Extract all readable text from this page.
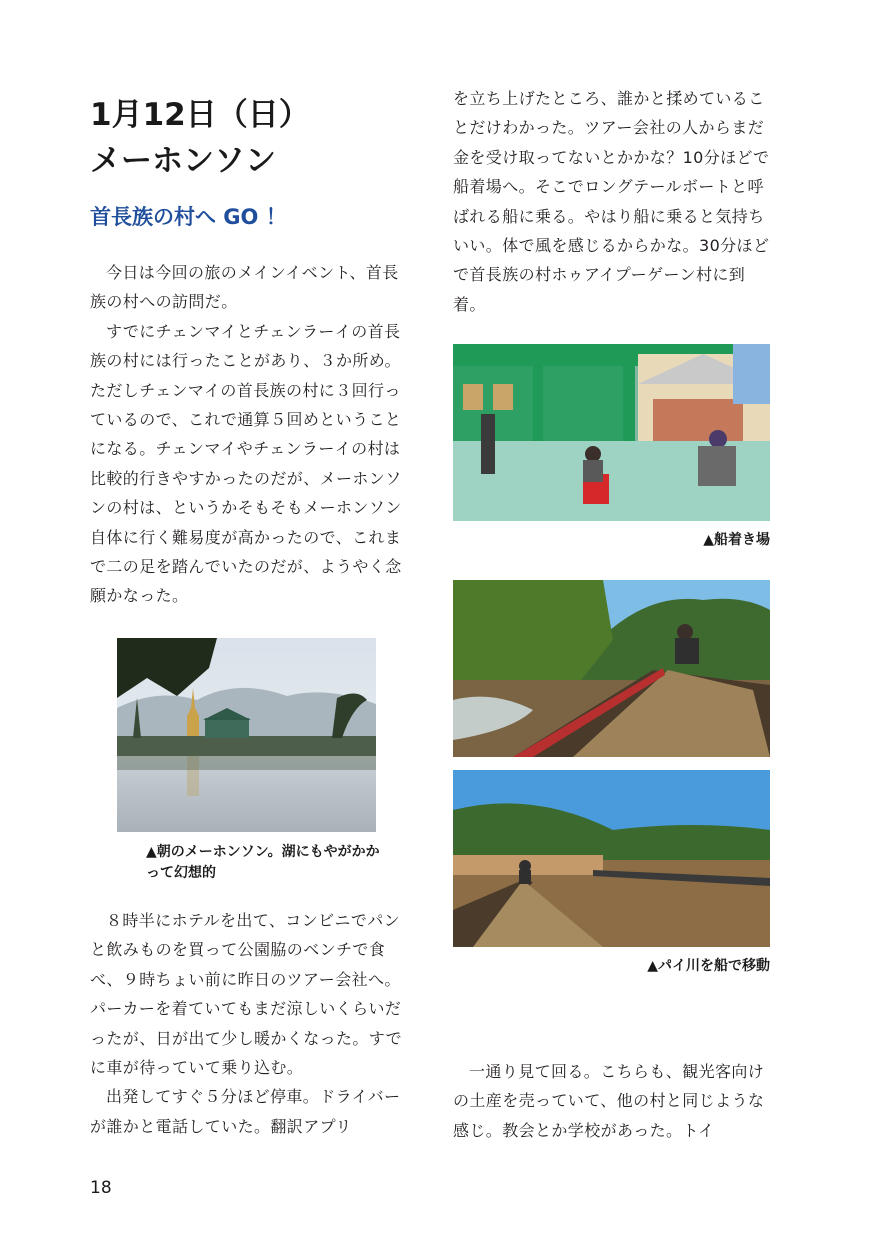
1月12日（日）
メーホンソン
首長族の村へ GO ！

今日は今回の旅のメインイベント、首長族の村への訪問だ。

すでにチェンマイとチェンラーイの首長族の村には行ったことがあり、３か所め。ただしチェンマイの首長族の村に３回行っているので、これで通算５回めということになる。チェンマイやチェンラーイの村は比較的行きやすかったのだが、メーホンソンの村は、というかそもそもメーホンソン自体に行く難易度が高かったので、これまで二の足を踏んでいたのだが、ようやく念願かなった。

▲朝のメーホンソン。湖にもやがかかって幻想的

８時半にホテルを出て、コンビニでパンと飲みものを買って公園脇のベンチで食べ、９時ちょい前に昨日のツアー会社へ。パーカーを着ていてもまだ涼しいくらいだったが、日が出て少し暖かくなった。すでに車が待っていて乗り込む。

出発してすぐ５分ほど停車。ドライバーが誰かと電話していた。翻訳アプリ

を立ち上げたところ、誰かと揉めていることだけわかった。ツアー会社の人からまだ金を受け取ってないとかかな？10分ほどで船着場へ。そこでロングテールボートと呼ばれる船に乗る。やはり船に乗ると気持ちいい。体で風を感じるからかな。30分ほどで首長族の村ホゥアイプーゲーン村に到着。

▲船着き場
▲パイ川を船で移動

一通り見て回る。こちらも、観光客向けの土産を売っていて、他の村と同じような感じ。教会とか学校があった。トイ

18
